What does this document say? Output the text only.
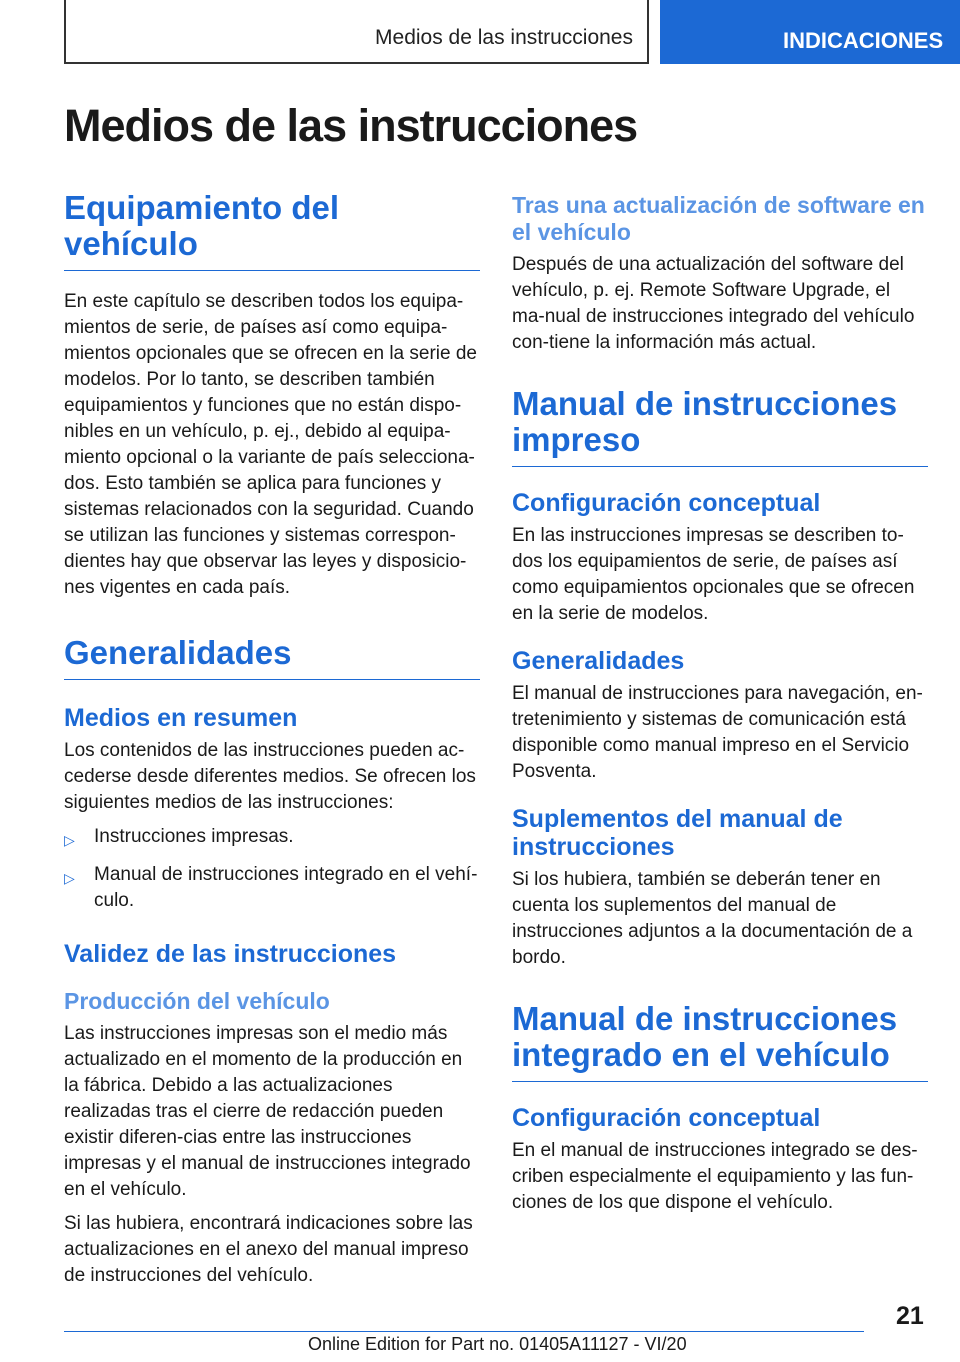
Medios de las instrucciones	INDICACIONES
Medios de las instrucciones
Equipamiento del vehículo

En este capítulo se describen todos los equipa-mientos de serie, de países así como equipa-mientos opcionales que se ofrecen en la serie de modelos. Por lo tanto, se describen también equipamientos y funciones que no están dispo-nibles en un vehículo, p. ej., debido al equipa-miento opcional o la variante de país selecciona-dos. Esto también se aplica para funciones y sistemas relacionados con la seguridad. Cuando se utilizan las funciones y sistemas correspon-dientes hay que observar las leyes y disposicio-nes vigentes en cada país.

Generalidades
Medios en resumen

Los contenidos de las instrucciones pueden ac-cederse desde diferentes medios. Se ofrecen los siguientes medios de las instrucciones:

▷ Instrucciones impresas.
▷ Manual de instrucciones integrado en el vehí-culo.
Validez de las instrucciones
Producción del vehículo

Las instrucciones impresas son el medio más actualizado en el momento de la producción en la fábrica. Debido a las actualizaciones realizadas tras el cierre de redacción pueden existir diferen-cias entre las instrucciones impresas y el manual de instrucciones integrado en el vehículo.

Si las hubiera, encontrará indicaciones sobre las actualizaciones en el anexo del manual impreso de instrucciones del vehículo.

Tras una actualización de software en el vehículo

Después de una actualización del software del vehículo, p. ej. Remote Software Upgrade, el ma-nual de instrucciones integrado del vehículo con-tiene la información más actual.

Manual de instrucciones impreso
Configuración conceptual

En las instrucciones impresas se describen to-dos los equipamientos de serie, de países así como equipamientos opcionales que se ofrecen en la serie de modelos.

Generalidades

El manual de instrucciones para navegación, en-tretenimiento y sistemas de comunicación está disponible como manual impreso en el Servicio Posventa.

Suplementos del manual de instrucciones

Si los hubiera, también se deberán tener en cuenta los suplementos del manual de instrucciones adjuntos a la documentación de a bordo.

Manual de instrucciones integrado en el vehículo
Configuración conceptual

En el manual de instrucciones integrado se des-criben especialmente el equipamiento y las fun-ciones de los que dispone el vehículo.

21
Online Edition for Part no. 01405A11127 - VI/20
